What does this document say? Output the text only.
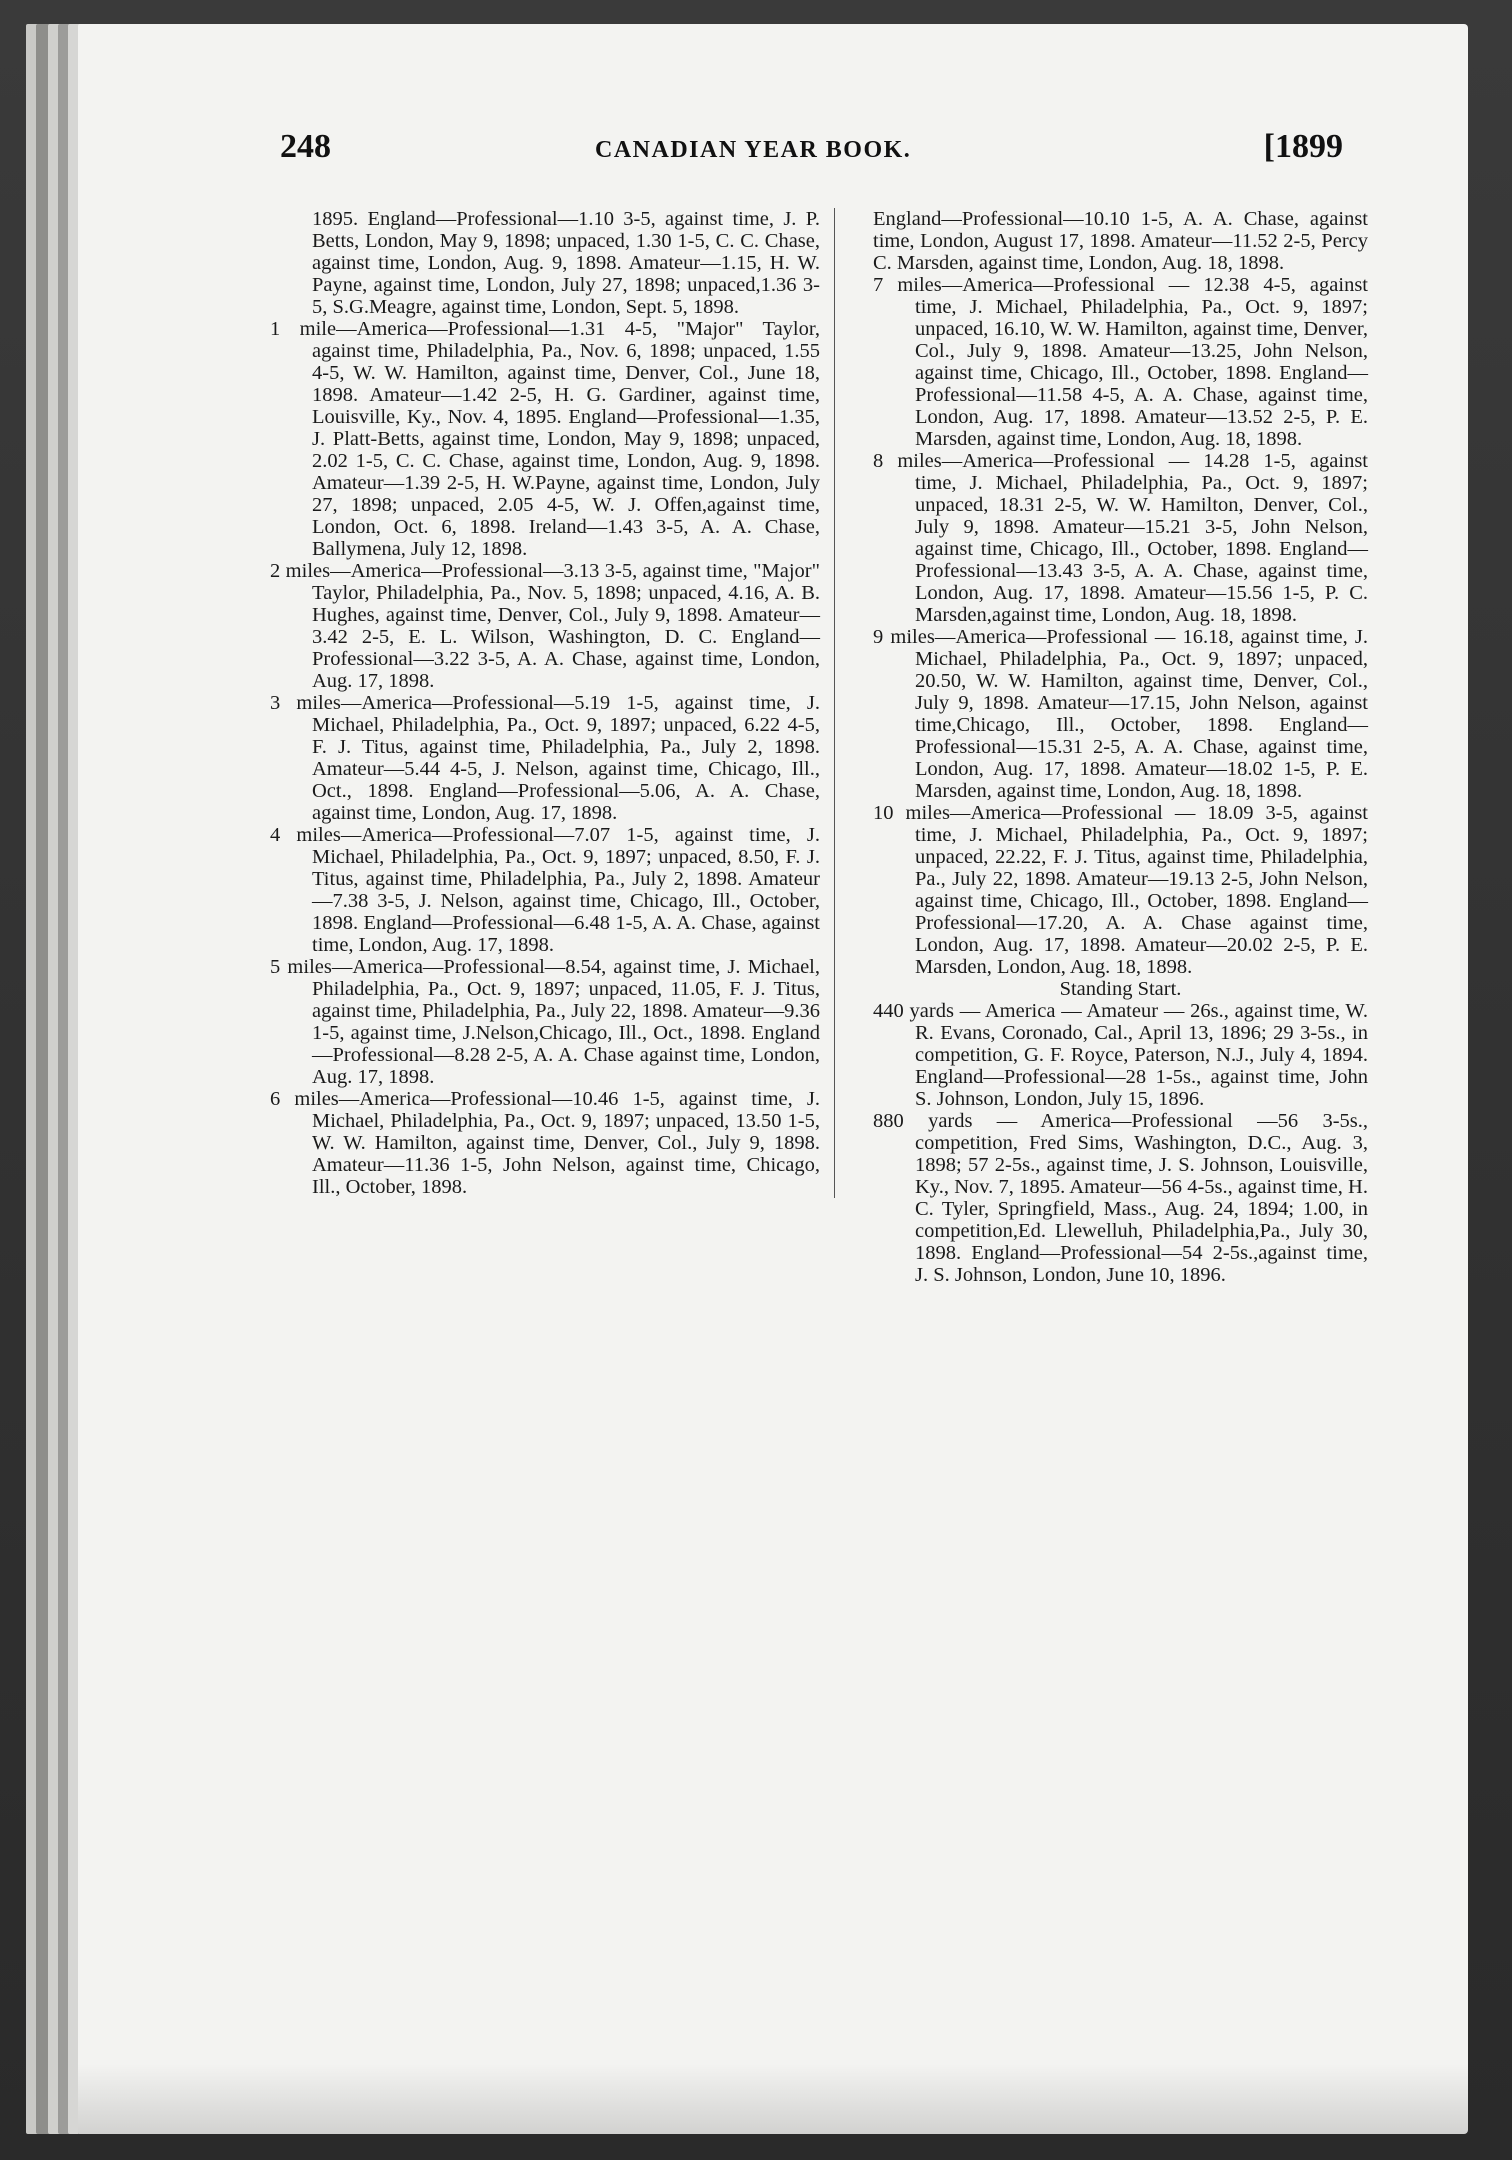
248	CANADIAN YEAR BOOK.	[1899

1895. England—Professional—1.10 3-5, against time, J. P. Betts, London, May 9, 1898; unpaced, 1.30 1-5, C. C. Chase, against time, London, Aug. 9, 1898. Amateur—1.15, H. W. Payne, against time, London, July 27, 1898; unpaced,1.36 3-5, S.G.Meagre, against time, London, Sept. 5, 1898.

1 mile—America—Professional—1.31 4-5, "Major" Taylor, against time, Philadelphia, Pa., Nov. 6, 1898; unpaced, 1.55 4-5, W. W. Hamilton, against time, Denver, Col., June 18, 1898. Amateur—1.42 2-5, H. G. Gardiner, against time, Louisville, Ky., Nov. 4, 1895. England—Professional—1.35, J. Platt-Betts, against time, London, May 9, 1898; unpaced, 2.02 1-5, C. C. Chase, against time, London, Aug. 9, 1898. Amateur—1.39 2-5, H. W.Payne, against time, London, July 27, 1898; unpaced, 2.05 4-5, W. J. Offen,against time, London, Oct. 6, 1898. Ireland—1.43 3-5, A. A. Chase, Ballymena, July 12, 1898.

2 miles—America—Professional—3.13 3-5, against time, "Major" Taylor, Philadelphia, Pa., Nov. 5, 1898; unpaced, 4.16, A. B. Hughes, against time, Denver, Col., July 9, 1898. Amateur—3.42 2-5, E. L. Wilson, Washington, D. C. England—Professional—3.22 3-5, A. A. Chase, against time, London, Aug. 17, 1898.

3 miles—America—Professional—5.19 1-5, against time, J. Michael, Philadelphia, Pa., Oct. 9, 1897; unpaced, 6.22 4-5, F. J. Titus, against time, Philadelphia, Pa., July 2, 1898. Amateur—5.44 4-5, J. Nelson, against time, Chicago, Ill., Oct., 1898. England—Professional—5.06, A. A. Chase, against time, London, Aug. 17, 1898.

4 miles—America—Professional—7.07 1-5, against time, J. Michael, Philadelphia, Pa., Oct. 9, 1897; unpaced, 8.50, F. J. Titus, against time, Philadelphia, Pa., July 2, 1898. Amateur—7.38 3-5, J. Nelson, against time, Chicago, Ill., October, 1898. England—Professional—6.48 1-5, A. A. Chase, against time, London, Aug. 17, 1898.

5 miles—America—Professional—8.54, against time, J. Michael, Philadelphia, Pa., Oct. 9, 1897; unpaced, 11.05, F. J. Titus, against time, Philadelphia, Pa., July 22, 1898. Amateur—9.36 1-5, against time, J.Nelson,Chicago, Ill., Oct., 1898. England—Professional—8.28 2-5, A. A. Chase against time, London, Aug. 17, 1898.

6 miles—America—Professional—10.46 1-5, against time, J. Michael, Philadelphia, Pa., Oct. 9, 1897; unpaced, 13.50 1-5, W. W. Hamilton, against time, Denver, Col., July 9, 1898. Amateur—11.36 1-5, John Nelson, against time, Chicago, Ill., October, 1898.

England—Professional—10.10 1-5, A. A. Chase, against time, London, August 17, 1898. Amateur—11.52 2-5, Percy C. Marsden, against time, London, Aug. 18, 1898.

7 miles—America—Professional — 12.38 4-5, against time, J. Michael, Philadelphia, Pa., Oct. 9, 1897; unpaced, 16.10, W. W. Hamilton, against time, Denver, Col., July 9, 1898. Amateur—13.25, John Nelson, against time, Chicago, Ill., October, 1898. England—Professional—11.58 4-5, A. A. Chase, against time, London, Aug. 17, 1898. Amateur—13.52 2-5, P. E. Marsden, against time, London, Aug. 18, 1898.

8 miles—America—Professional — 14.28 1-5, against time, J. Michael, Philadelphia, Pa., Oct. 9, 1897; unpaced, 18.31 2-5, W. W. Hamilton, Denver, Col., July 9, 1898. Amateur—15.21 3-5, John Nelson, against time, Chicago, Ill., October, 1898. England—Professional—13.43 3-5, A. A. Chase, against time, London, Aug. 17, 1898. Amateur—15.56 1-5, P. C. Marsden,against time, London, Aug. 18, 1898.

9 miles—America—Professional — 16.18, against time, J. Michael, Philadelphia, Pa., Oct. 9, 1897; unpaced, 20.50, W. W. Hamilton, against time, Denver, Col., July 9, 1898. Amateur—17.15, John Nelson, against time,Chicago, Ill., October, 1898. England—Professional—15.31 2-5, A. A. Chase, against time, London, Aug. 17, 1898. Amateur—18.02 1-5, P. E. Marsden, against time, London, Aug. 18, 1898.

10 miles—America—Professional — 18.09 3-5, against time, J. Michael, Philadelphia, Pa., Oct. 9, 1897; unpaced, 22.22, F. J. Titus, against time, Philadelphia, Pa., July 22, 1898. Amateur—19.13 2-5, John Nelson, against time, Chicago, Ill., October, 1898. England—Professional—17.20, A. A. Chase against time, London, Aug. 17, 1898. Amateur—20.02 2-5, P. E. Marsden, London, Aug. 18, 1898.

Standing Start.

440 yards — America — Amateur — 26s., against time, W. R. Evans, Coronado, Cal., April 13, 1896; 29 3-5s., in competition, G. F. Royce, Paterson, N.J., July 4, 1894. England—Professional—28 1-5s., against time, John S. Johnson, London, July 15, 1896.

880 yards — America—Professional —56 3-5s., competition, Fred Sims, Washington, D.C., Aug. 3, 1898; 57 2-5s., against time, J. S. Johnson, Louisville, Ky., Nov. 7, 1895. Amateur—56 4-5s., against time, H. C. Tyler, Springfield, Mass., Aug. 24, 1894; 1.00, in competition,Ed. Llewelluh, Philadelphia,Pa., July 30, 1898. England—Professional—54 2-5s.,against time, J. S. Johnson, London, June 10, 1896.
